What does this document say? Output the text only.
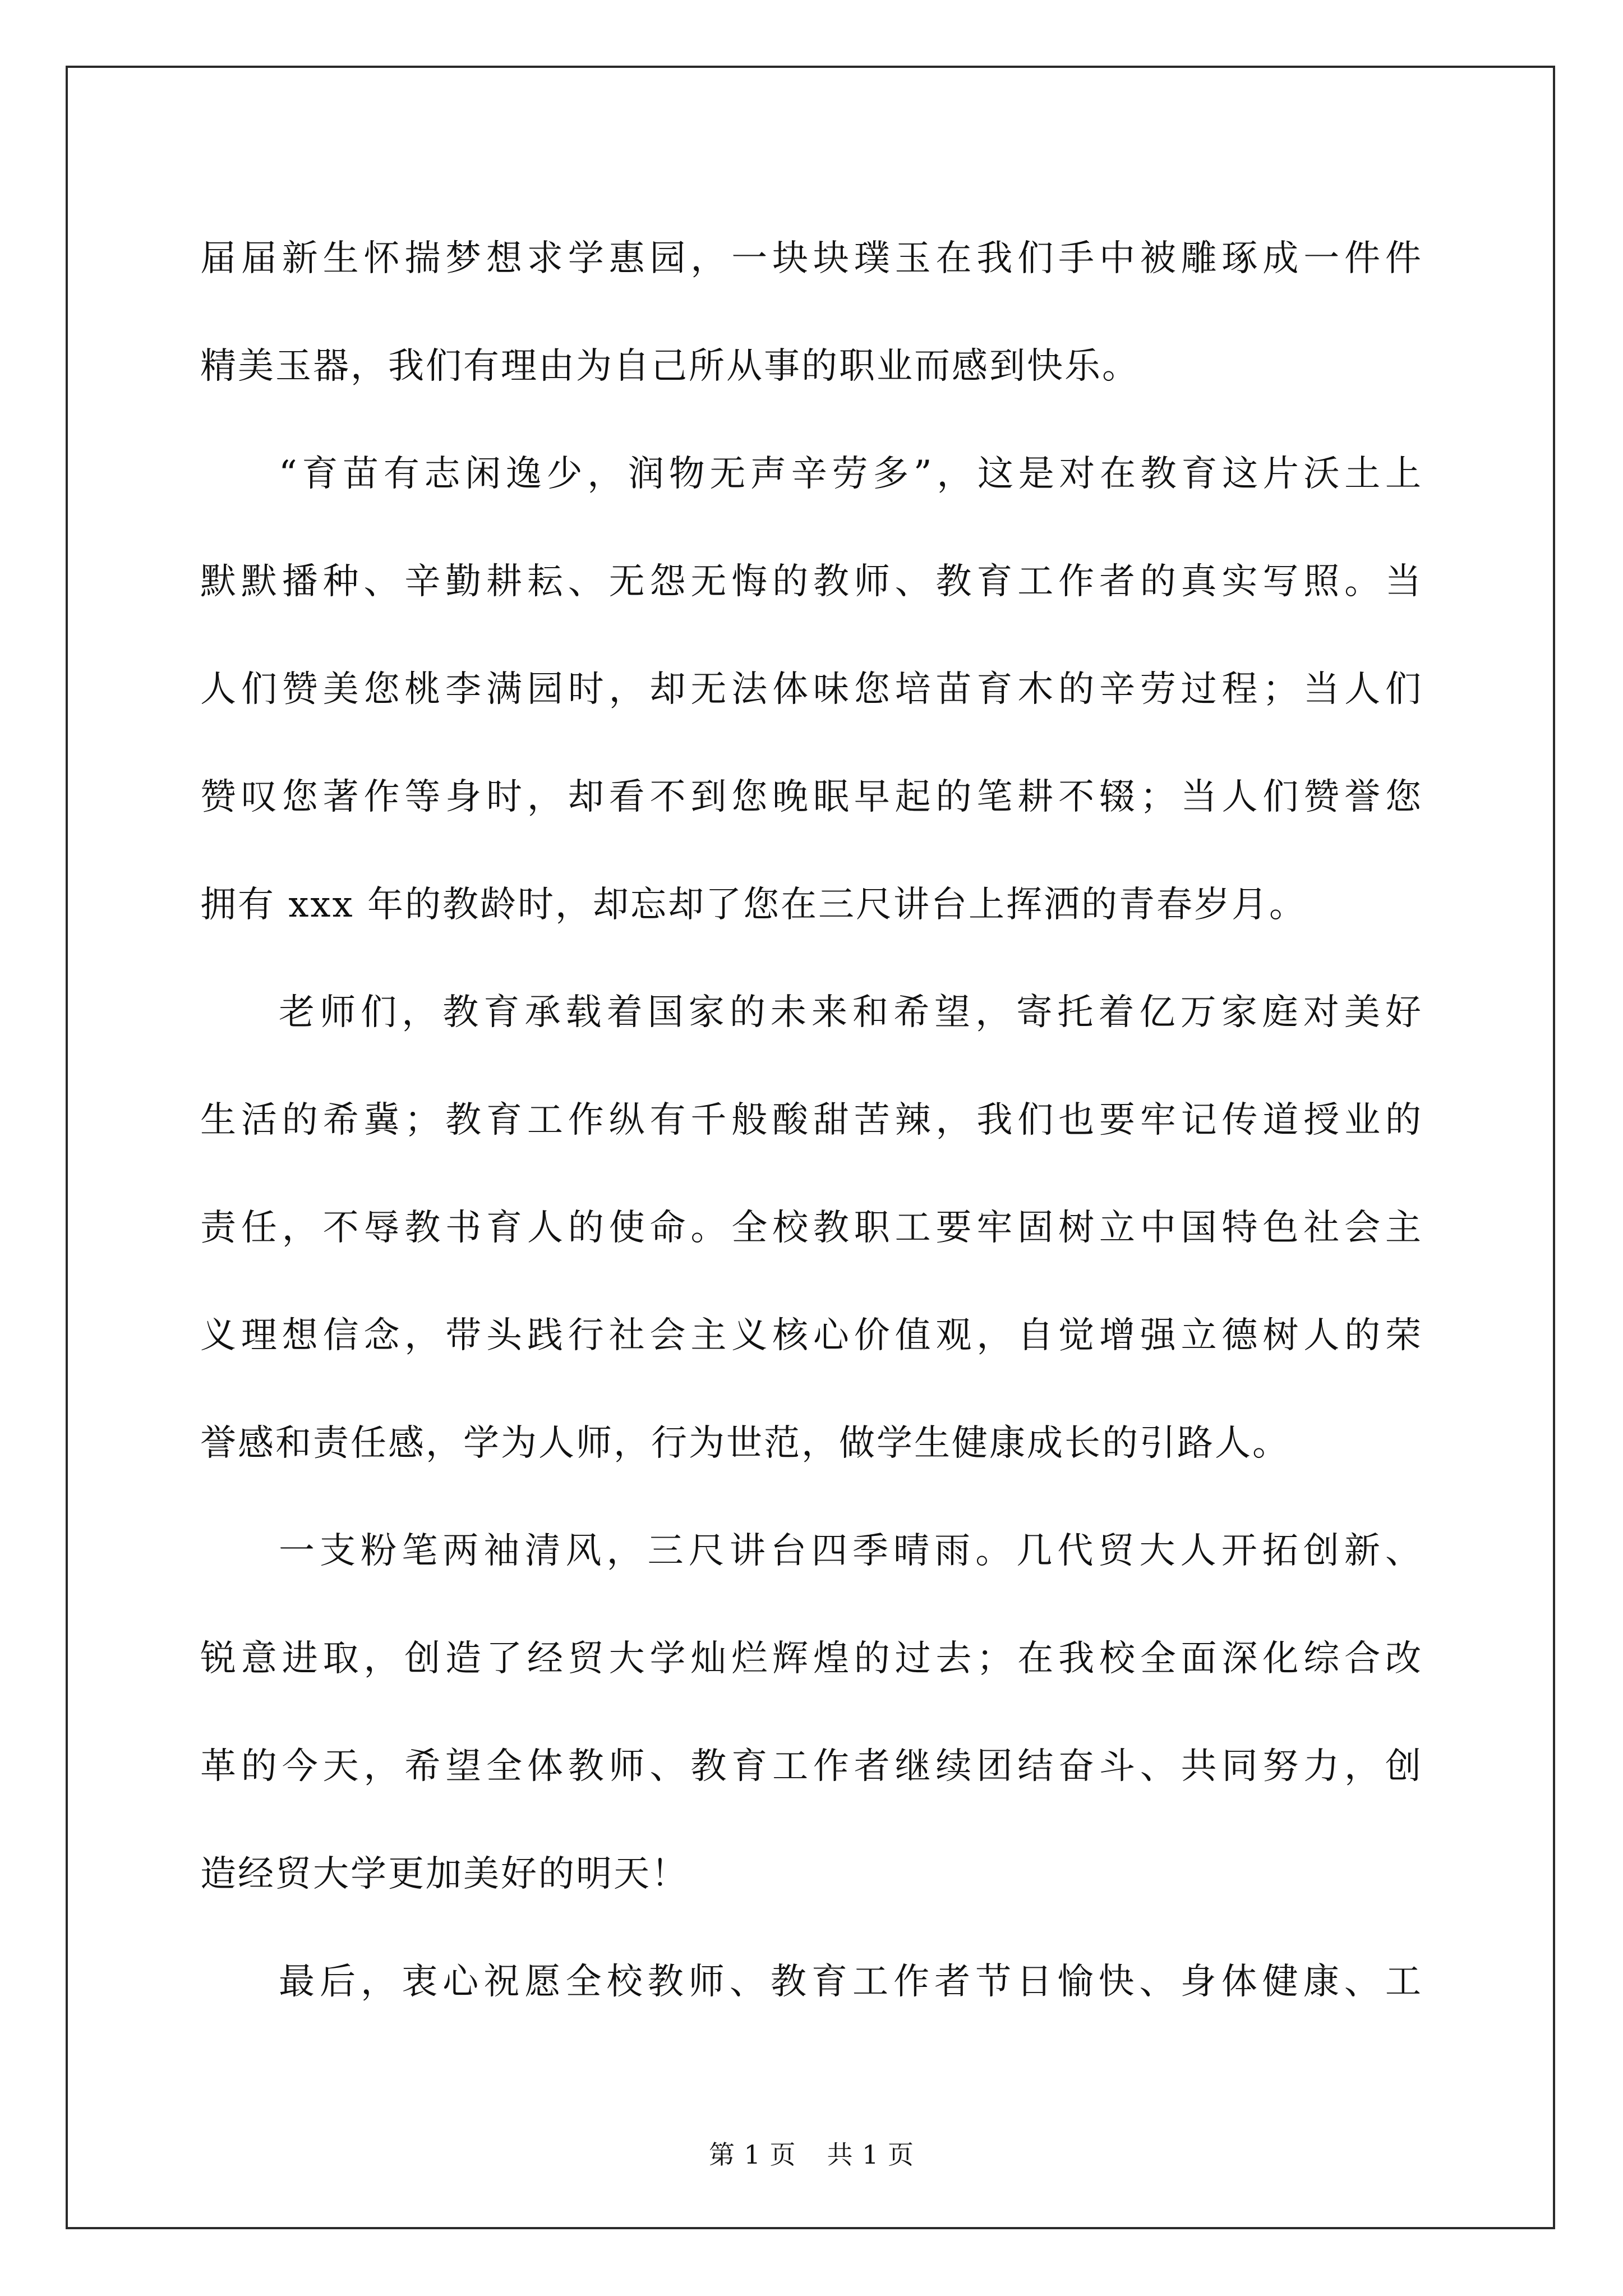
届届新生怀揣梦想求学惠园，一块块璞玉在我们手中被雕琢成一件件
精美玉器，我们有理由为自己所从事的职业而感到快乐。
“育苗有志闲逸少，润物无声辛劳多”，这是对在教育这片沃土上
默默播种、辛勤耕耘、无怨无悔的教师、教育工作者的真实写照。当
人们赞美您桃李满园时，却无法体味您培苗育木的辛劳过程；当人们
赞叹您著作等身时，却看不到您晚眠早起的笔耕不辍；当人们赞誉您
拥有 xxx 年的教龄时，却忘却了您在三尺讲台上挥洒的青春岁月。
老师们，教育承载着国家的未来和希望，寄托着亿万家庭对美好
生活的希冀；教育工作纵有千般酸甜苦辣，我们也要牢记传道授业的
责任，不辱教书育人的使命。全校教职工要牢固树立中国特色社会主
义理想信念，带头践行社会主义核心价值观，自觉增强立德树人的荣
誉感和责任感，学为人师，行为世范，做学生健康成长的引路人。
一支粉笔两袖清风，三尺讲台四季晴雨。几代贸大人开拓创新、
锐意进取，创造了经贸大学灿烂辉煌的过去；在我校全面深化综合改
革的今天，希望全体教师、教育工作者继续团结奋斗、共同努力，创
造经贸大学更加美好的明天！
最后，衷心祝愿全校教师、教育工作者节日愉快、身体健康、工
第 1 页 共 1 页
